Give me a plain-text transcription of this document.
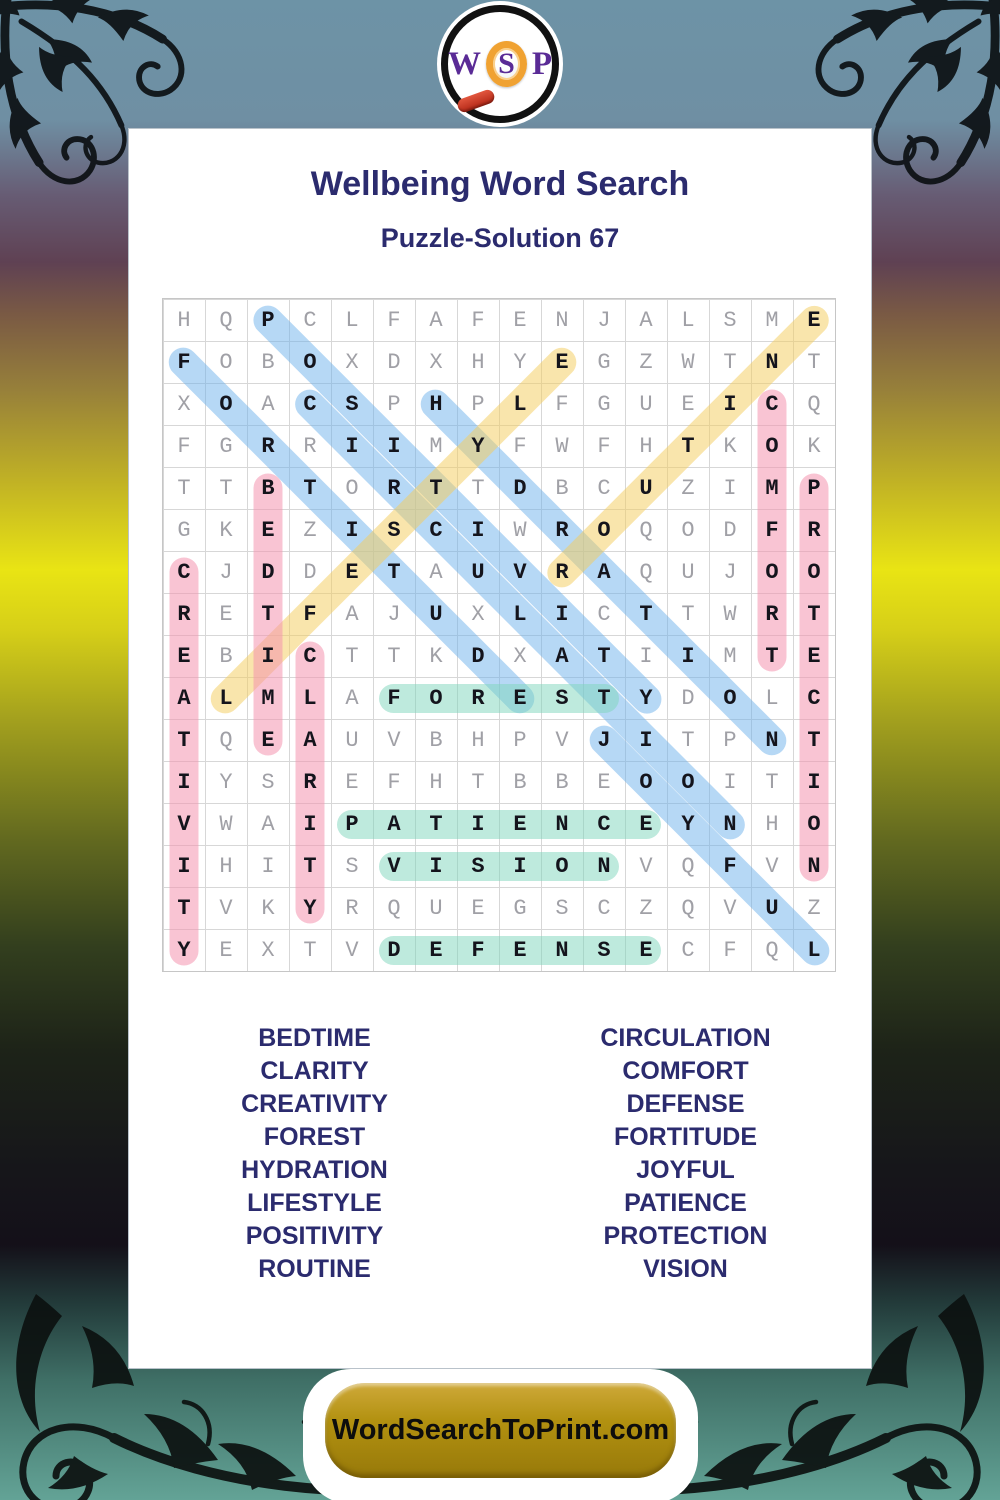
Wellbeing Word Search
Puzzle-Solution 67
H	Q	P	C	L	F	A	F	E	N	J	A	L	S	M	E
F	O	B	O	X	D	X	H	Y	E	G	Z	W	T	N	T
X	O	A	C	S	P	H	P	L	F	G	U	E	I	C	Q
F	G	R	R	I	I	M	Y	F	W	F	H	T	K	O	K
T	T	B	T	O	R	T	T	D	B	C	U	Z	I	M	P
G	K	E	Z	I	S	C	I	W	R	O	Q	O	D	F	R
C	J	D	D	E	T	A	U	V	R	A	Q	U	J	O	O
R	E	T	F	A	J	U	X	L	I	C	T	T	W	R	T
E	B	I	C	T	T	K	D	X	A	T	I	I	M	T	E
A	L	M	L	A	F	O	R	E	S	T	Y	D	O	L	C
T	Q	E	A	U	V	B	H	P	V	J	I	T	P	N	T
I	Y	S	R	E	F	H	T	B	B	E	O	O	I	T	I
V	W	A	I	P	A	T	I	E	N	C	E	Y	N	H	O
I	H	I	T	S	V	I	S	I	O	N	V	Q	F	V	N
T	V	K	Y	R	Q	U	E	G	S	C	Z	Q	V	U	Z
Y	E	X	T	V	D	E	F	E	N	S	E	C	F	Q	L
BEDTIME
CLARITY
CREATIVITY
FOREST
HYDRATION
LIFESTYLE
POSITIVITY
ROUTINE
CIRCULATION
COMFORT
DEFENSE
FORTITUDE
JOYFUL
PATIENCE
PROTECTION
VISION
W S P
WordSearchToPrint.com
